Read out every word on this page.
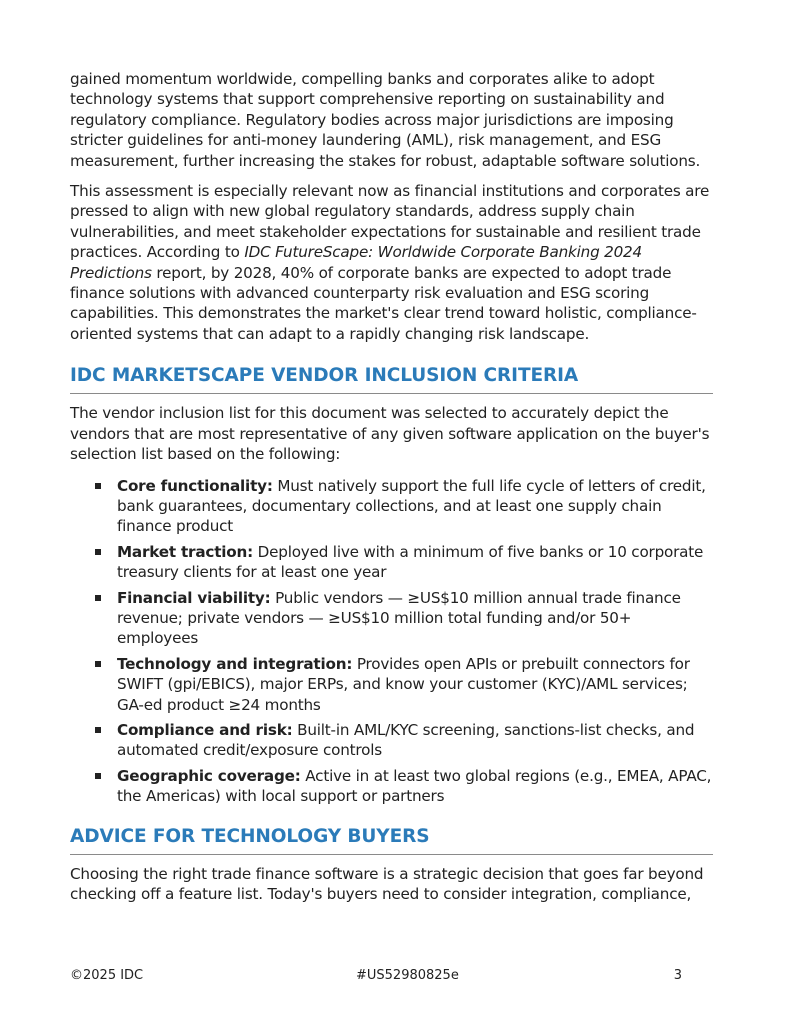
gained momentum worldwide, compelling banks and corporates alike to adopt technology systems that support comprehensive reporting on sustainability and regulatory compliance. Regulatory bodies across major jurisdictions are imposing stricter guidelines for anti-money laundering (AML), risk management, and ESG measurement, further increasing the stakes for robust, adaptable software solutions.

This assessment is especially relevant now as financial institutions and corporates are pressed to align with new global regulatory standards, address supply chain vulnerabilities, and meet stakeholder expectations for sustainable and resilient trade practices. According to IDC FutureScape: Worldwide Corporate Banking 2024 Predictions report, by 2028, 40% of corporate banks are expected to adopt trade finance solutions with advanced counterparty risk evaluation and ESG scoring capabilities. This demonstrates the market's clear trend toward holistic, compliance-oriented systems that can adapt to a rapidly changing risk landscape.

IDC MARKETSCAPE VENDOR INCLUSION CRITERIA

The vendor inclusion list for this document was selected to accurately depict the vendors that are most representative of any given software application on the buyer's selection list based on the following:

Core functionality: Must natively support the full life cycle of letters of credit, bank guarantees, documentary collections, and at least one supply chain finance product
Market traction: Deployed live with a minimum of five banks or 10 corporate treasury clients for at least one year
Financial viability: Public vendors — ≥US$10 million annual trade finance revenue; private vendors — ≥US$10 million total funding and/or 50+ employees
Technology and integration: Provides open APIs or prebuilt connectors for SWIFT (gpi/EBICS), major ERPs, and know your customer (KYC)/AML services; GA-ed product ≥24 months
Compliance and risk: Built-in AML/KYC screening, sanctions-list checks, and automated credit/exposure controls
Geographic coverage: Active in at least two global regions (e.g., EMEA, APAC, the Americas) with local support or partners
ADVICE FOR TECHNOLOGY BUYERS

Choosing the right trade finance software is a strategic decision that goes far beyond checking off a feature list. Today's buyers need to consider integration, compliance,

©2025 IDC	#US52980825e	3
